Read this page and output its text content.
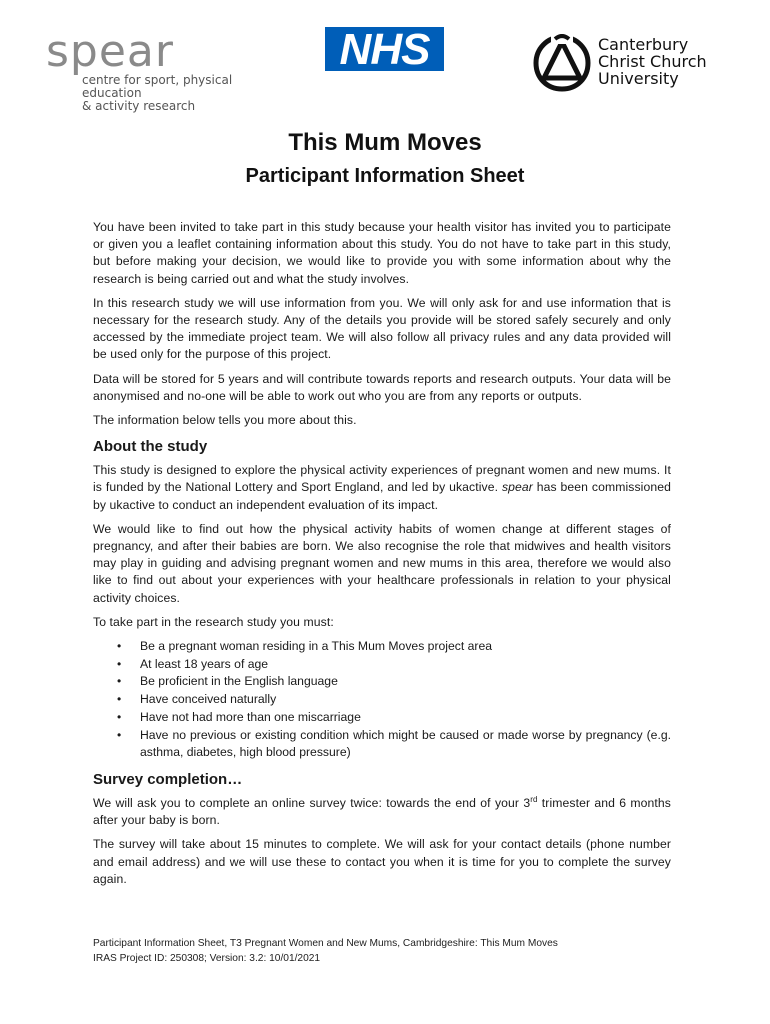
spear
centre for sport, physical education
& activity research
NHS	Canterbury
Christ Church
University
This Mum Moves
Participant Information Sheet

You have been invited to take part in this study because your health visitor has invited you to participate or given you a leaflet containing information about this study. You do not have to take part in this study, but before making your decision, we would like to provide you with some information about why the research is being carried out and what the study involves.

In this research study we will use information from you. We will only ask for and use information that is necessary for the research study. Any of the details you provide will be stored safely securely and only accessed by the immediate project team. We will also follow all privacy rules and any data provided will be used only for the purpose of this project.

Data will be stored for 5 years and will contribute towards reports and research outputs. Your data will be anonymised and no-one will be able to work out who you are from any reports or outputs.

The information below tells you more about this.

About the study

This study is designed to explore the physical activity experiences of pregnant women and new mums. It is funded by the National Lottery and Sport England, and led by ukactive. spear has been commissioned by ukactive to conduct an independent evaluation of its impact.

We would like to find out how the physical activity habits of women change at different stages of pregnancy, and after their babies are born. We also recognise the role that midwives and health visitors may play in guiding and advising pregnant women and new mums in this area, therefore we would also like to find out about your experiences with your healthcare professionals in relation to your physical activity choices.

To take part in the research study you must:

• Be a pregnant woman residing in a This Mum Moves project area
• At least 18 years of age
• Be proficient in the English language
• Have conceived naturally
• Have not had more than one miscarriage
• Have no previous or existing condition which might be caused or made worse by pregnancy (e.g. asthma, diabetes, high blood pressure)
Survey completion…

We will ask you to complete an online survey twice: towards the end of your 3rd trimester and 6 months after your baby is born.

The survey will take about 15 minutes to complete. We will ask for your contact details (phone number and email address) and we will use these to contact you when it is time for you to complete the survey again.

Participant Information Sheet, T3 Pregnant Women and New Mums, Cambridgeshire: This Mum Moves
IRAS Project ID: 250308; Version: 3.2: 10/01/2021
